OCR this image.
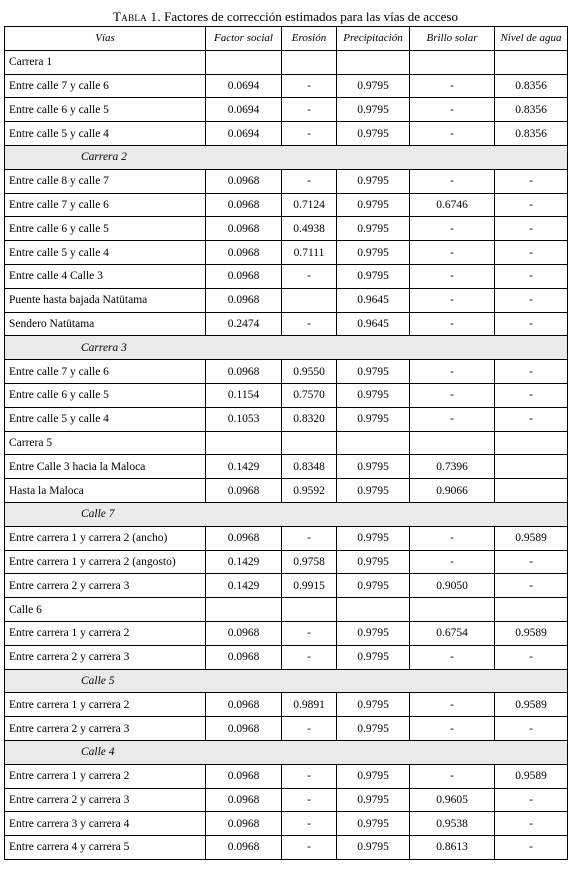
Tabla 1. Factores de corrección estimados para las vías de acceso
Vías	Factor social	Erosión	Precipitación	Brillo solar	Nivel de agua
Carrera 1					
Entre calle 7 y calle 6	0.0694	-	0.9795	-	0.8356
Entre calle 6 y calle 5	0.0694	-	0.9795	-	0.8356
Entre calle 5 y calle 4	0.0694	-	0.9795	-	0.8356
Carrera 2					
Entre calle 8 y calle 7	0.0968	-	0.9795	-	-
Entre calle 7 y calle 6	0.0968	0.7124	0.9795	0.6746	-
Entre calle 6 y calle 5	0.0968	0.4938	0.9795	-	-
Entre calle 5 y calle 4	0.0968	0.7111	0.9795	-	-
Entre calle 4 Calle 3	0.0968	-	0.9795	-	-
Puente hasta bajada Natütama	0.0968		0.9645	-	-
Sendero Natütama	0.2474	-	0.9645	-	-
Carrera 3					
Entre calle 7 y calle 6	0.0968	0.9550	0.9795	-	-
Entre calle 6 y calle 5	0.1154	0.7570	0.9795	-	-
Entre calle 5 y calle 4	0.1053	0.8320	0.9795	-	-
Carrera 5					
Entre Calle 3 hacia la Maloca	0.1429	0.8348	0.9795	0.7396	
Hasta la Maloca	0.0968	0.9592	0.9795	0.9066	
Calle 7					
Entre carrera 1 y carrera 2 (ancho)	0.0968	-	0.9795	-	0.9589
Entre carrera 1 y carrera 2 (angosto)	0.1429	0.9758	0.9795	-	-
Entre carrera 2 y carrera 3	0.1429	0.9915	0.9795	0.9050	-
Calle 6					
Entre carrera 1 y carrera 2	0.0968	-	0.9795	0.6754	0.9589
Entre carrera 2 y carrera 3	0.0968	-	0.9795	-	-
Calle 5					
Entre carrera 1 y carrera 2	0.0968	0.9891	0.9795	-	0.9589
Entre carrera 2 y carrera 3	0.0968	-	0.9795	-	-
Calle 4					
Entre carrera 1 y carrera 2	0.0968	-	0.9795	-	0.9589
Entre carrera 2 y carrera 3	0.0968	-	0.9795	0.9605	-
Entre carrera 3 y carrera 4	0.0968	-	0.9795	0.9538	-
Entre carrera 4 y carrera 5	0.0968	-	0.9795	0.8613	-
